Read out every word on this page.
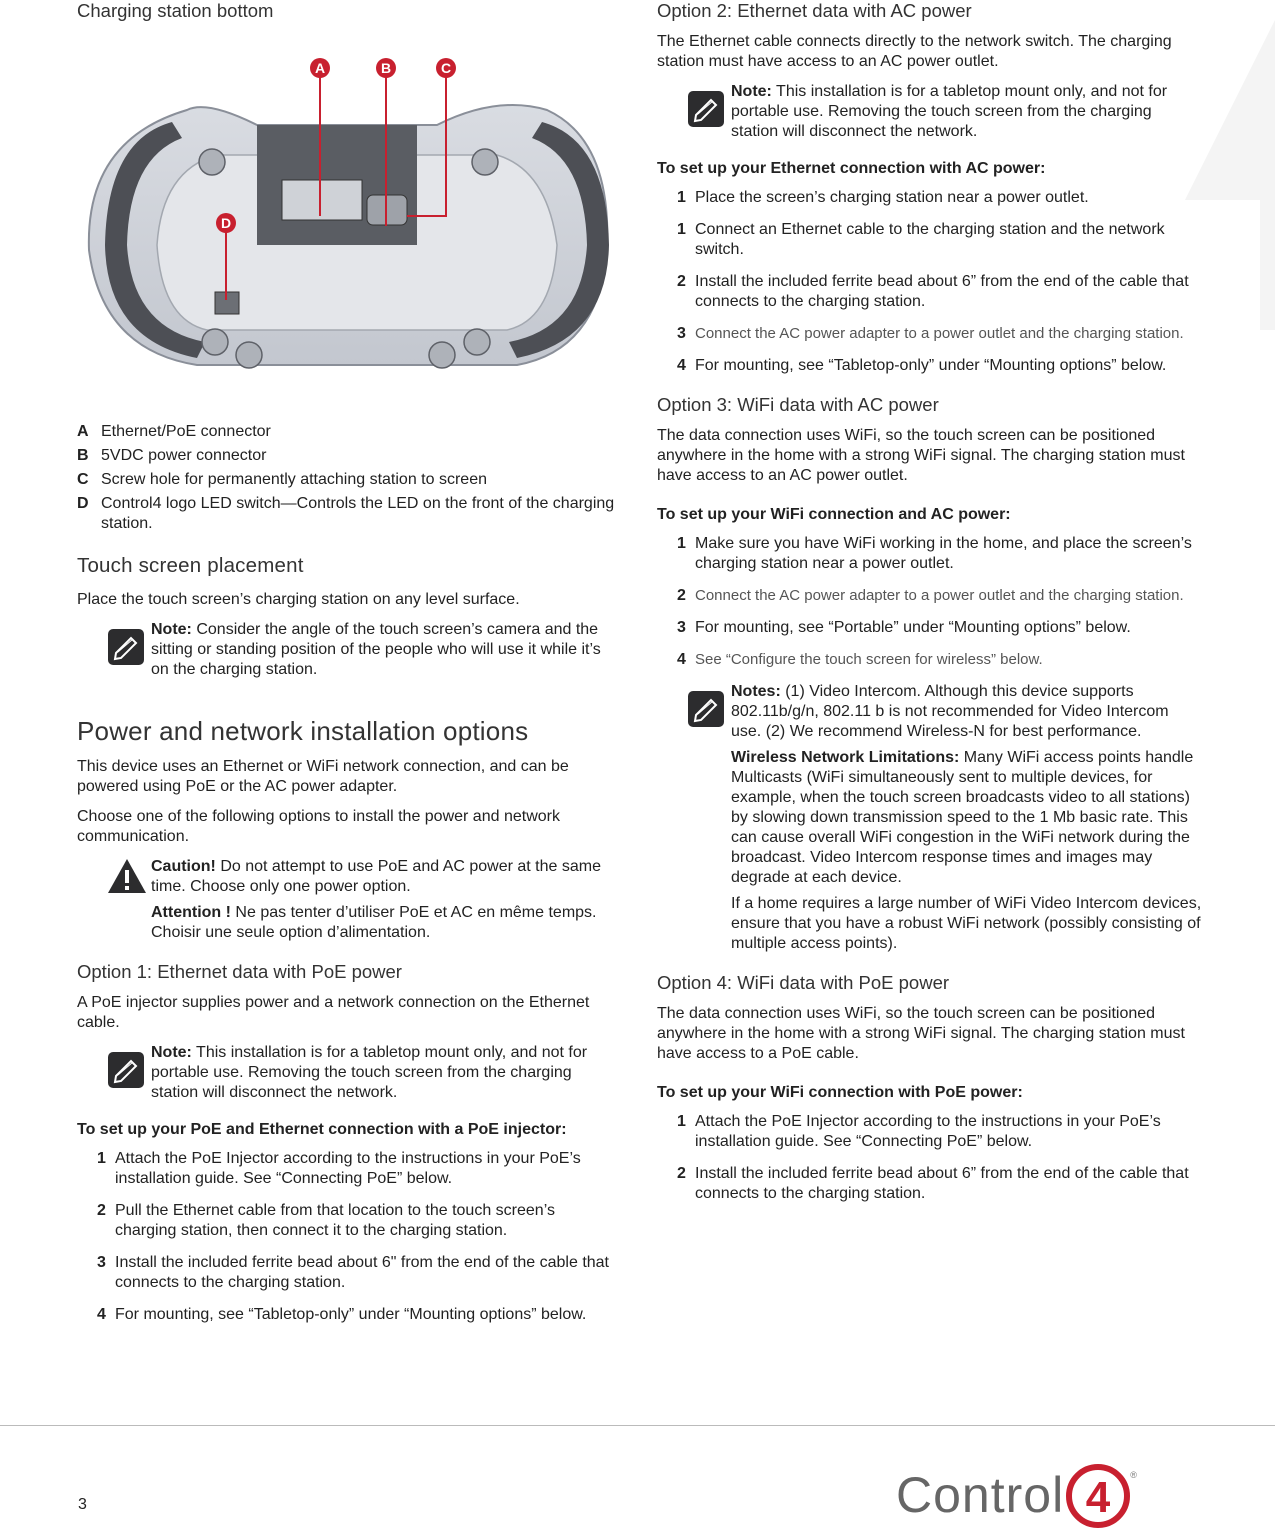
Charging station bottom
A	B	C
D
A Ethernet/PoE connector
B 5VDC power connector
C Screw hole for permanently attaching station to screen
D Control4 logo LED switch—Controls the LED on the front of the charging station.
Touch screen placement

Place the touch screen’s charging station on any level surface.

Note: Consider the angle of the touch screen’s camera and the sitting or standing position of the people who will use it while it’s on the charging station.

Power and network installation options

This device uses an Ethernet or WiFi network connection, and can be powered using PoE or the AC power adapter.

Choose one of the following options to install the power and network communication.

Caution! Do not attempt to use PoE and AC power at the same time. Choose only one power option.

Attention ! Ne pas tenter d’utiliser PoE et AC en même temps. Choisir une seule option d’alimentation.

Option 1: Ethernet data with PoE power

A PoE injector supplies power and a network connection on the Ethernet cable.

Note: This installation is for a tabletop mount only, and not for portable use. Removing the touch screen from the charging station will disconnect the network.

To set up your PoE and Ethernet connection with a PoE injector:
1 Attach the PoE Injector according to the instructions in your PoE’s installation guide. See “Connecting PoE” below.
2 Pull the Ethernet cable from that location to the touch screen’s charging station, then connect it to the charging station.
3 Install the included ferrite bead about 6" from the end of the cable that connects to the charging station.
4 For mounting, see “Tabletop-only” under “Mounting options” below.
Option 2: Ethernet data with AC power

The Ethernet cable connects directly to the network switch. The charging station must have access to an AC power outlet.

Note: This installation is for a tabletop mount only, and not for portable use. Removing the touch screen from the charging station will disconnect the network.

To set up your Ethernet connection with AC power:
1 Place the screen’s charging station near a power outlet.
1 Connect an Ethernet cable to the charging station and the network switch.
2 Install the included ferrite bead about 6” from the end of the cable that connects to the charging station.
3 Connect the AC power adapter to a power outlet and the charging station.
4 For mounting, see “Tabletop-only” under “Mounting options” below.
Option 3: WiFi data with AC power

The data connection uses WiFi, so the touch screen can be positioned anywhere in the home with a strong WiFi signal. The charging station must have access to an AC power outlet.

To set up your WiFi connection and AC power:
1 Make sure you have WiFi working in the home, and place the screen’s charging station near a power outlet.
2 Connect the AC power adapter to a power outlet and the charging station.
3 For mounting, see “Portable” under “Mounting options” below.
4 See “Configure the touch screen for wireless” below.

Notes: (1) Video Intercom. Although this device supports 802.11b/g/n, 802.11 b is not recommended for Video Intercom use. (2) We recommend Wireless-N for best performance.

Wireless Network Limitations: Many WiFi access points handle Multicasts (WiFi simultaneously sent to multiple devices, for example, when the touch screen broadcasts video to all stations) by slowing down transmission speed to the 1 Mb basic rate. This can cause overall WiFi congestion in the WiFi network during the broadcast. Video Intercom response times and images may degrade at each device.

If a home requires a large number of WiFi Video Intercom devices, ensure that you have a robust WiFi network (possibly consisting of multiple access points).

Option 4: WiFi data with PoE power

The data connection uses WiFi, so the touch screen can be positioned anywhere in the home with a strong WiFi signal. The charging station must have access to a PoE cable.

To set up your WiFi connection with PoE power:
1 Attach the PoE Injector according to the instructions in your PoE’s installation guide. See “Connecting PoE” below.
2 Install the included ferrite bead about 6” from the end of the cable that connects to the charging station.
3	Control 4 ®
